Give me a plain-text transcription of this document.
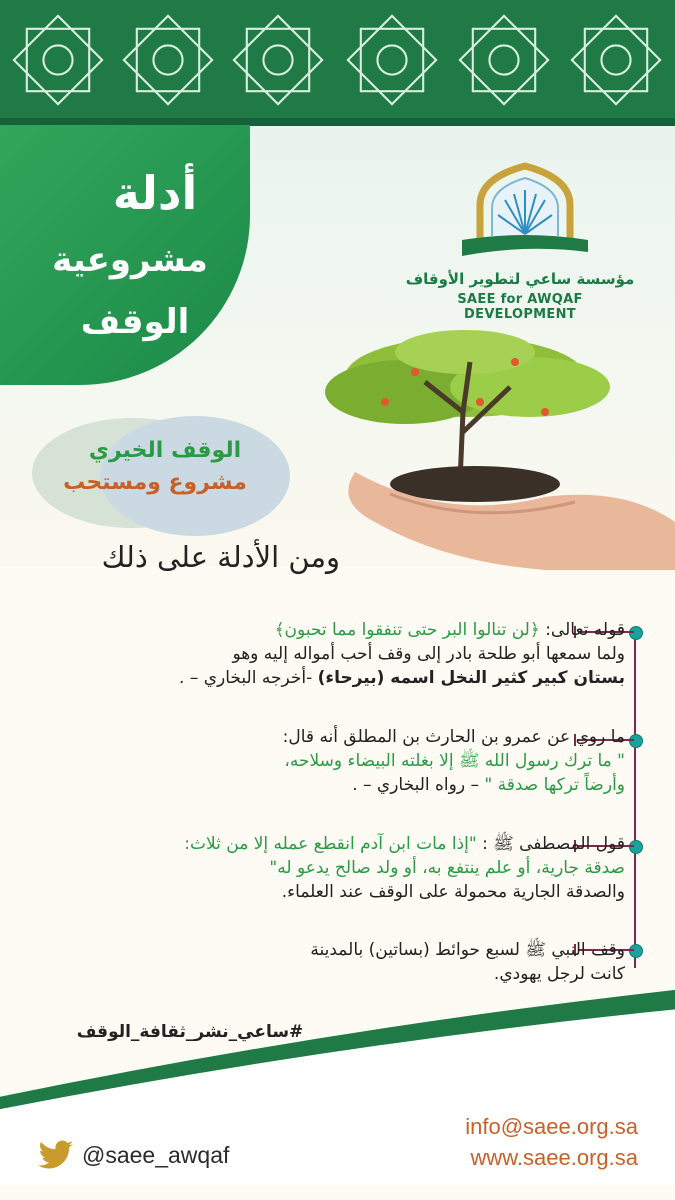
أدلة
مشروعية
الوقف
مؤسسة ساعي لتطوير الأوقاف
SAEE for AWQAF DEVELOPMENT
الوقف الخيري
مشروع ومستحب
ومن الأدلة على ذلك
قوله تعالى: ﴿لن تنالوا البر حتى تنفقوا مما تحبون﴾
ولما سمعها أبو طلحة بادر إلى وقف أحب أمواله إليه وهو
بستان كبير كثير النخل اسمه (بيرحاء) -أخرجه البخاري – .
ما روي عن عمرو بن الحارث بن المطلق أنه قال:
" ما ترك رسول الله ﷺ إلا بغلته البيضاء وسلاحه،
وأرضاً تركها صدقة " – رواه البخاري – .
قول المصطفى ﷺ : "إذا مات ابن آدم انقطع عمله إلا من ثلاث:
صدقة جارية، أو علم ينتفع به، أو ولد صالح يدعو له"
والصدقة الجارية محمولة على الوقف عند العلماء.
وقف النبي ﷺ لسبع حوائط (بساتين) بالمدينة
كانت لرجل يهودي.
#ساعي_نشر_ثقافة_الوقف
@saee_awqaf
info@saee.org.sa
www.saee.org.sa
